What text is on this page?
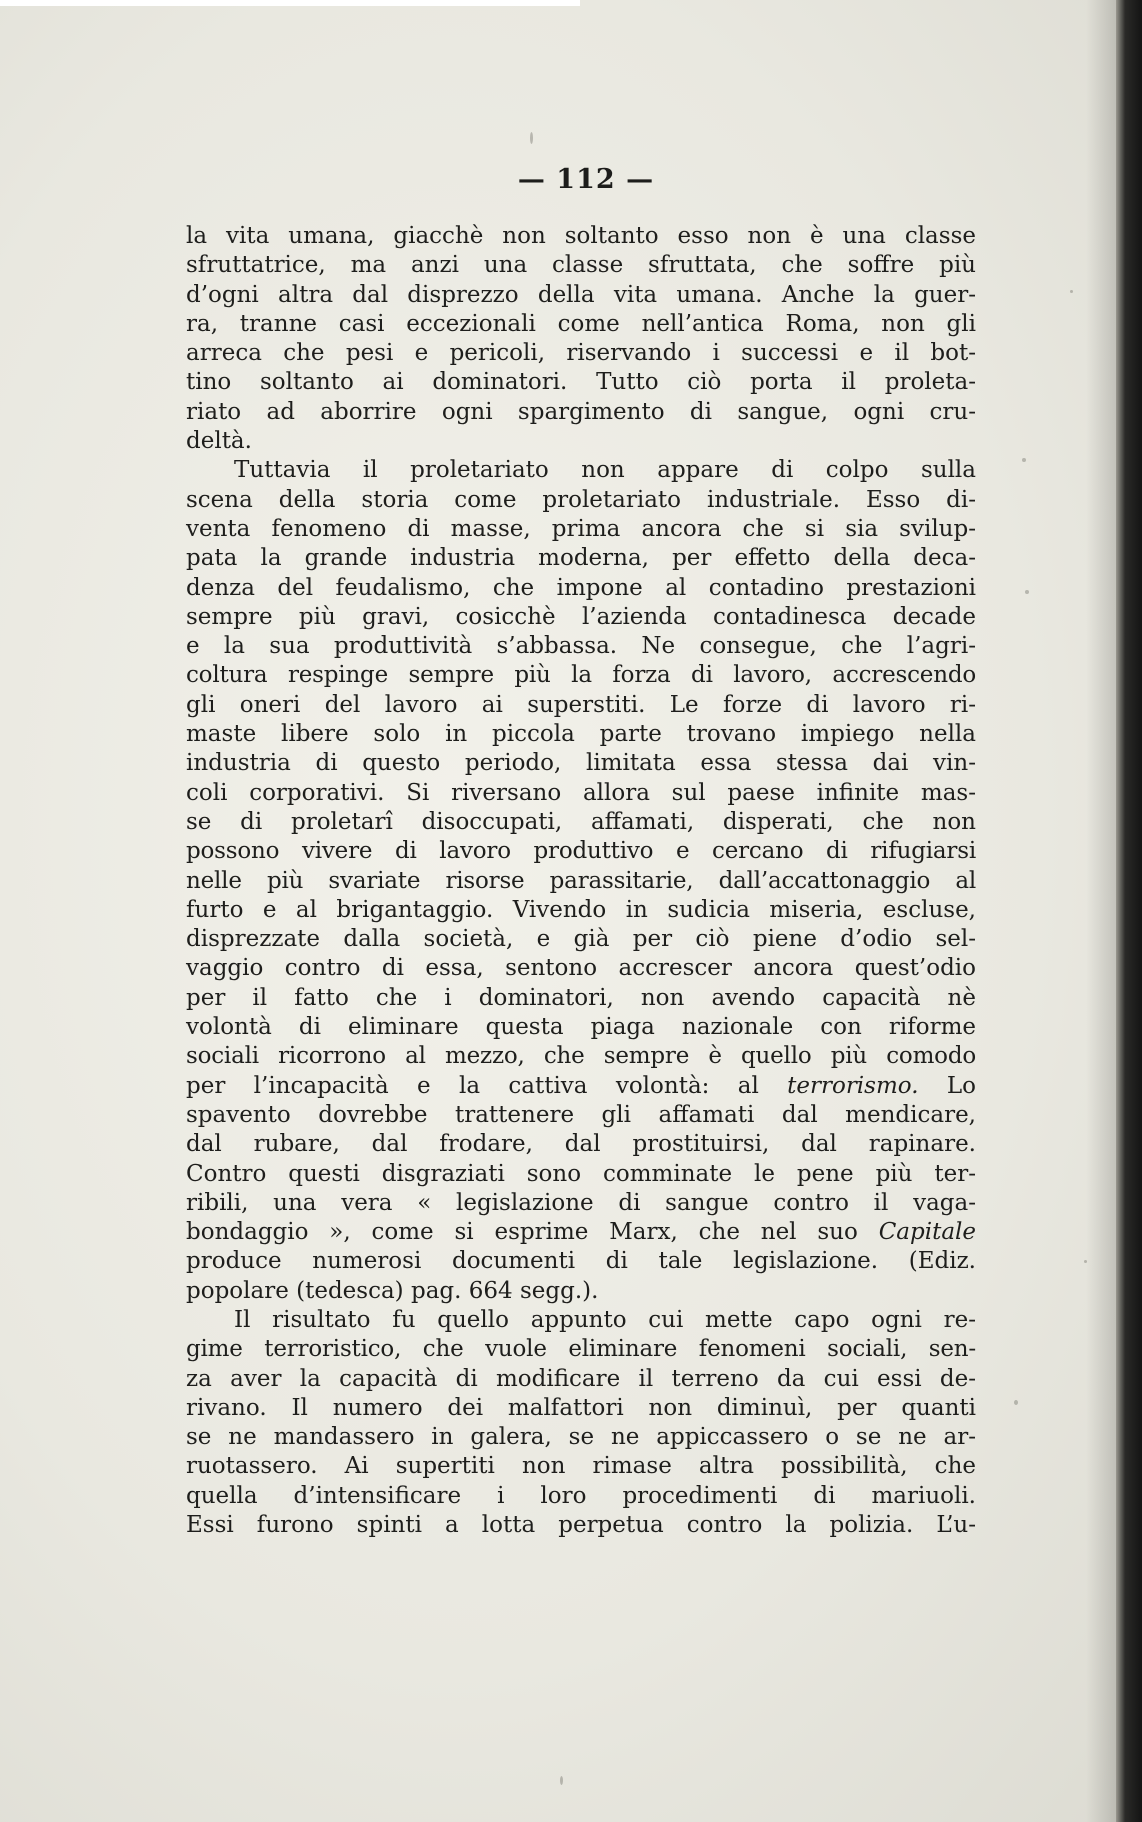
— 112 —
la vita umana, giacchè non soltanto esso non è una classe
sfruttatrice, ma anzi una classe sfruttata, che soffre più
d’ogni altra dal disprezzo della vita umana. Anche la guer-
ra, tranne casi eccezionali come nell’antica Roma, non gli
arreca che pesi e pericoli, riservando i successi e il bot-
tino soltanto ai dominatori. Tutto ciò porta il proleta-
riato ad aborrire ogni spargimento di sangue, ogni cru-
deltà.
Tuttavia il proletariato non appare di colpo sulla
scena della storia come proletariato industriale. Esso di-
venta fenomeno di masse, prima ancora che si sia svilup-
pata la grande industria moderna, per effetto della deca-
denza del feudalismo, che impone al contadino prestazioni
sempre più gravi, cosicchè l’azienda contadinesca decade
e la sua produttività s’abbassa. Ne consegue, che l’agri-
coltura respinge sempre più la forza di lavoro, accrescendo
gli oneri del lavoro ai superstiti. Le forze di lavoro ri-
maste libere solo in piccola parte trovano impiego nella
industria di questo periodo, limitata essa stessa dai vin-
coli corporativi. Si riversano allora sul paese infinite mas-
se di proletarî disoccupati, affamati, disperati, che non
possono vivere di lavoro produttivo e cercano di rifugiarsi
nelle più svariate risorse parassitarie, dall’accattonaggio al
furto e al brigantaggio. Vivendo in sudicia miseria, escluse,
disprezzate dalla società, e già per ciò piene d’odio sel-
vaggio contro di essa, sentono accrescer ancora quest’odio
per il fatto che i dominatori, non avendo capacità nè
volontà di eliminare questa piaga nazionale con riforme
sociali ricorrono al mezzo, che sempre è quello più comodo
per l’incapacità e la cattiva volontà: al terrorismo. Lo
spavento dovrebbe trattenere gli affamati dal mendicare,
dal rubare, dal frodare, dal prostituirsi, dal rapinare.
Contro questi disgraziati sono comminate le pene più ter-
ribili, una vera « legislazione di sangue contro il vaga-
bondaggio », come si esprime Marx, che nel suo Capitale
produce numerosi documenti di tale legislazione. (Ediz.
popolare (tedesca) pag. 664 segg.).
Il risultato fu quello appunto cui mette capo ogni re-
gime terroristico, che vuole eliminare fenomeni sociali, sen-
za aver la capacità di modificare il terreno da cui essi de-
rivano. Il numero dei malfattori non diminuì, per quanti
se ne mandassero in galera, se ne appiccassero o se ne ar-
ruotassero. Ai supertiti non rimase altra possibilità, che
quella d’intensificare i loro procedimenti di mariuoli.
Essi furono spinti a lotta perpetua contro la polizia. L’u-
